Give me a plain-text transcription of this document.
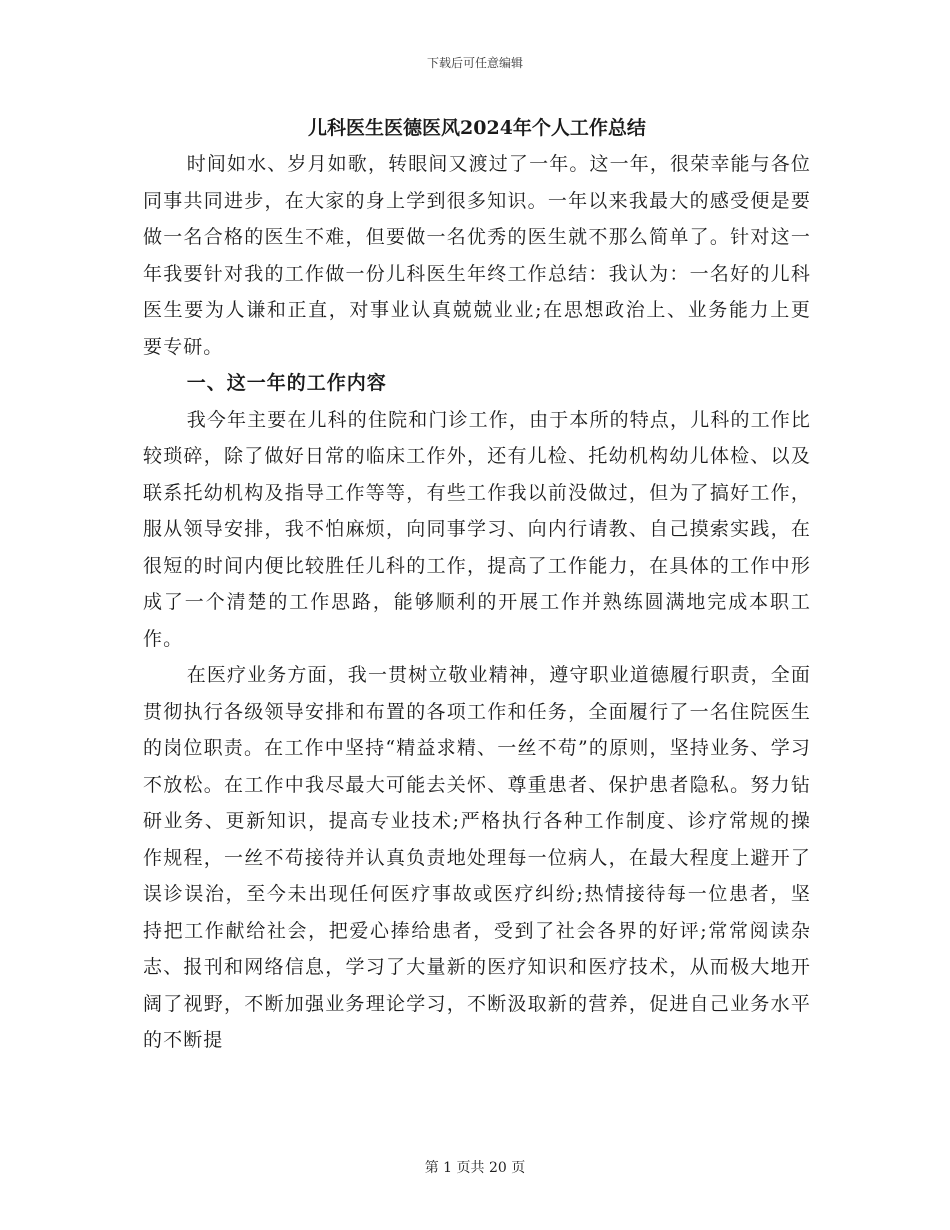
下载后可任意编辑
儿科医生医德医风2024年个人工作总结

时间如水、岁月如歌，转眼间又渡过了一年。这一年，很荣幸能与各位同事共同进步，在大家的身上学到很多知识。一年以来我最大的感受便是要做一名合格的医生不难，但要做一名优秀的医生就不那么简单了。针对这一年我要针对我的工作做一份儿科医生年终工作总结：我认为：一名好的儿科医生要为人谦和正直，对事业认真兢兢业业;在思想政治上、业务能力上更要专研。

一、这一年的工作内容

我今年主要在儿科的住院和门诊工作，由于本所的特点，儿科的工作比较琐碎，除了做好日常的临床工作外，还有儿检、托幼机构幼儿体检、以及联系托幼机构及指导工作等等，有些工作我以前没做过，但为了搞好工作，服从领导安排，我不怕麻烦，向同事学习、向内行请教、自己摸索实践，在很短的时间内便比较胜任儿科的工作，提高了工作能力，在具体的工作中形成了一个清楚的工作思路，能够顺利的开展工作并熟练圆满地完成本职工作。

在医疗业务方面，我一贯树立敬业精神，遵守职业道德履行职责，全面贯彻执行各级领导安排和布置的各项工作和任务，全面履行了一名住院医生的岗位职责。在工作中坚持“精益求精、一丝不苟”的原则，坚持业务、学习不放松。在工作中我尽最大可能去关怀、尊重患者、保护患者隐私。努力钻研业务、更新知识，提高专业技术;严格执行各种工作制度、诊疗常规的操作规程，一丝不苟接待并认真负责地处理每一位病人，在最大程度上避开了误诊误治，至今未出现任何医疗事故或医疗纠纷;热情接待每一位患者，坚持把工作献给社会，把爱心捧给患者，受到了社会各界的好评;常常阅读杂志、报刊和网络信息，学习了大量新的医疗知识和医疗技术，从而极大地开阔了视野，不断加强业务理论学习，不断汲取新的营养，促进自己业务水平的不断提

第 1 页共 20 页
